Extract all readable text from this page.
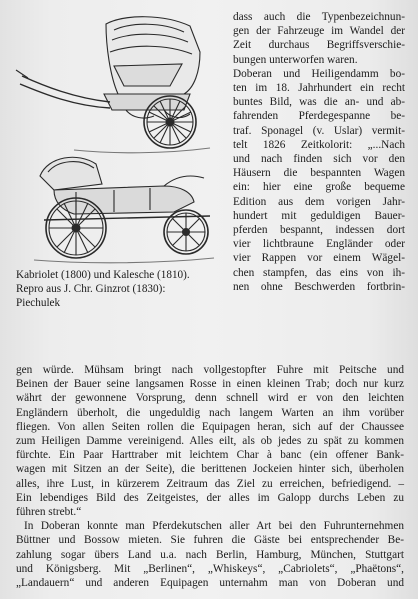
Kabriolet (1800) und Kalesche (1810).
Repro aus J. Chr. Ginzrot (1830):
Piechulek
dass auch die Typenbezeichnun-
gen der Fahrzeuge im Wandel der
Zeit durchaus Begriffsverschie-
bungen unterworfen waren.
Doberan und Heiligendamm bo-
ten im 18. Jahrhundert ein recht
buntes Bild, was die an- und ab-
fahrenden Pferdegespanne be-
traf. Sponagel (v. Uslar) vermit-
telt 1826 Zeitkolorit: „...Nach
und nach finden sich vor den
Häusern die bespannten Wagen
ein: hier eine große bequeme
Edition aus dem vorigen Jahr-
hundert mit geduldigen Bauer-
pferden bespannt, indessen dort
vier lichtbraune Engländer oder
vier Rappen vor einem Wägel-
chen stampfen, das eins von ih-
nen ohne Beschwerden fortbrin-
gen würde. Mühsam bringt nach vollgestopfter Fuhre mit Peitsche und
Beinen der Bauer seine langsamen Rosse in einen kleinen Trab; doch nur kurz
währt der gewonnene Vorsprung, denn schnell wird er von den leichten
Engländern überholt, die ungeduldig nach langem Warten an ihm vorüber
fliegen. Von allen Seiten rollen die Equipagen heran, sich auf der Chaussee
zum Heiligen Damme vereinigend. Alles eilt, als ob jedes zu spät zu kommen
fürchte. Ein Paar Harttraber mit leichtem Char à banc (ein offener Bank-
wagen mit Sitzen an der Seite), die berittenen Jockeien hinter sich, überholen
alles, ihre Lust, in kürzerem Zeitraum das Ziel zu erreichen, befriedigend. –
Ein lebendiges Bild des Zeitgeistes, der alles im Galopp durchs Leben zu
führen strebt.“
In Doberan konnte man Pferdekutschen aller Art bei den Fuhrunternehmen
Büttner und Bossow mieten. Sie fuhren die Gäste bei entsprechender Be-
zahlung sogar übers Land u.a. nach Berlin, Hamburg, München, Stuttgart
und Königsberg. Mit „Berlinen“, „Whiskeys“, „Cabriolets“, „Phaëtons“,
„Landauern“ und anderen Equipagen unternahm man von Doberan und
